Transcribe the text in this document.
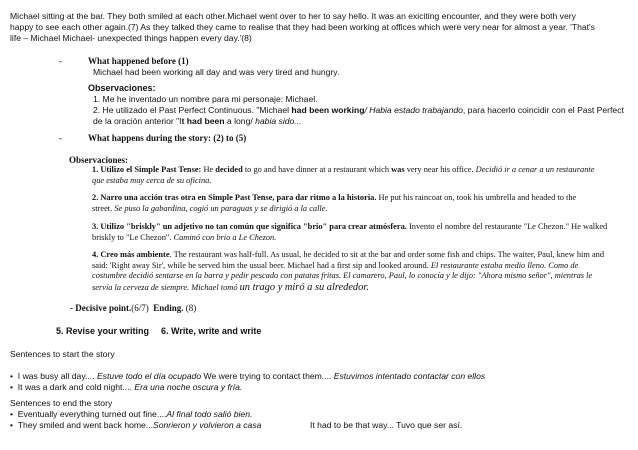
Michael sitting at the bar. They both smiled at each other.Michael went over to her to say hello. It was an exiciting encounter, and they were both very
happy to see each other again.(7) As they talked they came to realise that they had been working at offices which were very near for almost a year. 'That's
life – Michael Michael- unexpected things happen every day.'(8)
-	What happened before (1)
Michael had been working all day and was very tired and hungry.
Observaciones:
1. Me he inventado un nombre para mi personaje: Michael.
2. He utilizado el Past Perfect Continuous. "Michael had been working/ Habia estado trabajando, para hacerlo coincidir con el Past Perfect
de la oración anterior "It had been a long/ habia sido...
-	What happens during the story: (2) to (5)
Observaciones:
1. Utilizo el Simple Past Tense: He decided to go and have dinner at a restaurant which was very near his office. Decidió ir a cenar a un restaurante
que estaba muy cerca de su oficina.
2. Narro una acción tras otra en Simple Past Tense, para dar ritmo a la historia. He put his raincoat on, took his umbrella and headed to the
street. Se puso la gabardina, cogió un paraguas y se dirigió a la calle.
3. Utilizo "briskly" un adjetivo no tan común que significa "brio" para crear atmósfera. Invento el nombre del restaurante "Le Chezon." He walked
briskly to "Le Chezon". Caminó con brio a Le Chezon.
4. Creo más ambiente. The restaurant was half-full. As usual, he decided to sit at the bar and order some fish and chips. The waiter, Paul, knew him and
said: 'Right away Sir', while he served him the usual beer. Michael had a first sip and looked around. El restaurante estaba medio lleno. Como de
costumbre decidió sentarse en la barra y pedir pescado con patatas fritas. El camarero, Paul, lo conocía y le dijo: "Ahora mismo señor", mientras le
servía la cerveza de siempre. Michael tomó un trago y miró a su alrededor.
- Decisive point.(6/7) Ending. (8)
5. Revise your writing 6. Write, write and write
Sentences to start the story
• I was busy all day.... Estuve todo el día ocupado We were trying to contact them.... Estuvimos intentado contactar con ellos
• It was a dark and cold night.... Era una noche oscura y fría.
Sentences to end the story
• Eventually everything turned out fine....Al final todo salió bien.
• They smiled and went back home...Sonrieron y volvieron a casa	It had to be that way... Tuvo que ser así.
